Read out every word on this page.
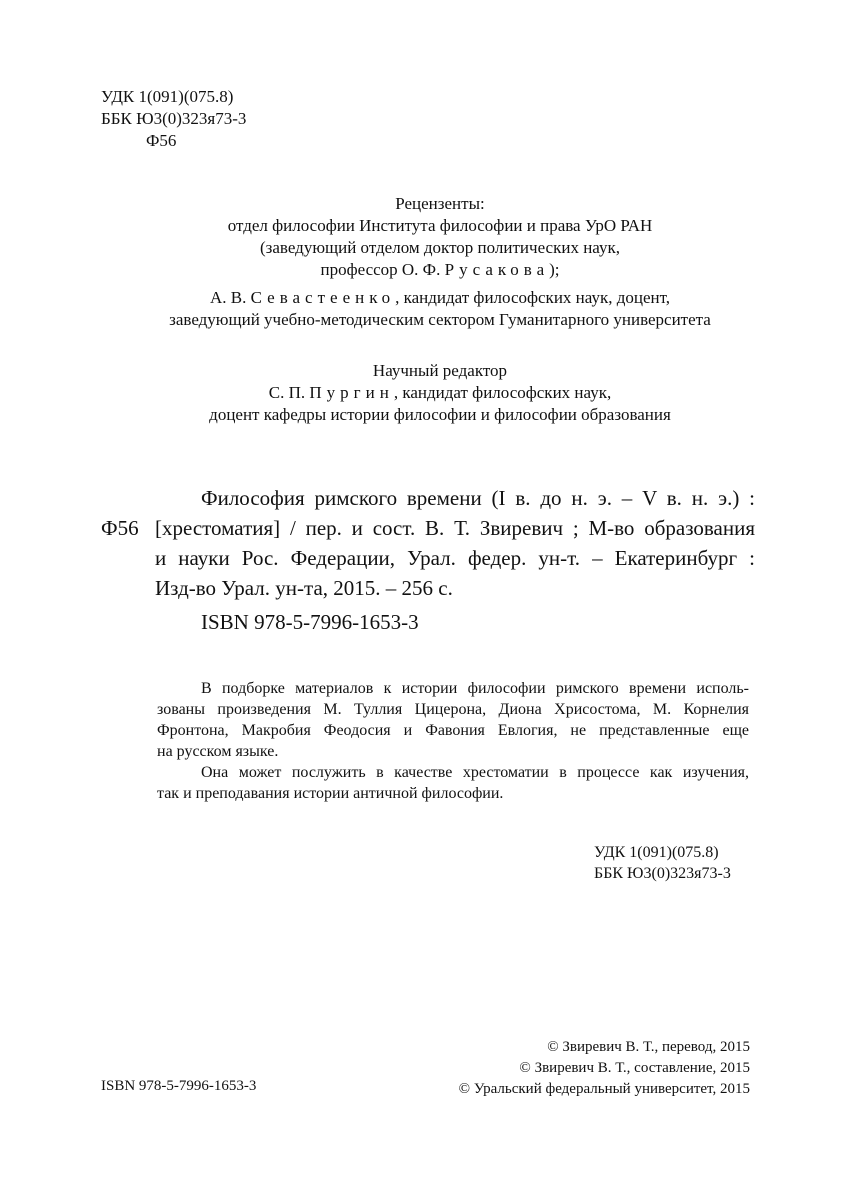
УДК 1(091)(075.8)
ББК Ю3(0)323я73-3
Ф56
Рецензенты:
отдел философии Института философии и права УрО РАН
(заведующий отделом доктор политических наук,
профессор О. Ф. Русакова);
А. В. Севастеенко, кандидат философских наук, доцент,
заведующий учебно-методическим сектором Гуманитарного университета
Научный редактор
С. П. Пургин, кандидат философских наук,
доцент кафедры истории философии и философии образования
Ф56
Философия римского времени (I в. до н. э. – V в. н. э.) :
[хрестоматия] / пер. и сост. В. Т. Звиревич ; М-во образования
и науки Рос. Федерации, Урал. федер. ун-т. – Екатеринбург :
Изд-во Урал. ун-та, 2015. – 256 с.
ISBN 978-5-7996-1653-3
В подборке материалов к истории философии римского времени исполь-
зованы произведения М. Туллия Цицерона, Диона Хрисостома, М. Корнелия
Фронтона, Макробия Феодосия и Фавония Евлогия, не представленные еще
на русском языке.
Она может послужить в качестве хрестоматии в процессе как изучения,
так и преподавания истории античной философии.
УДК 1(091)(075.8)
ББК Ю3(0)323я73-3
ISBN 978-5-7996-1653-3
© Звиревич В. Т., перевод, 2015
© Звиревич В. Т., составление, 2015
© Уральский федеральный университет, 2015
